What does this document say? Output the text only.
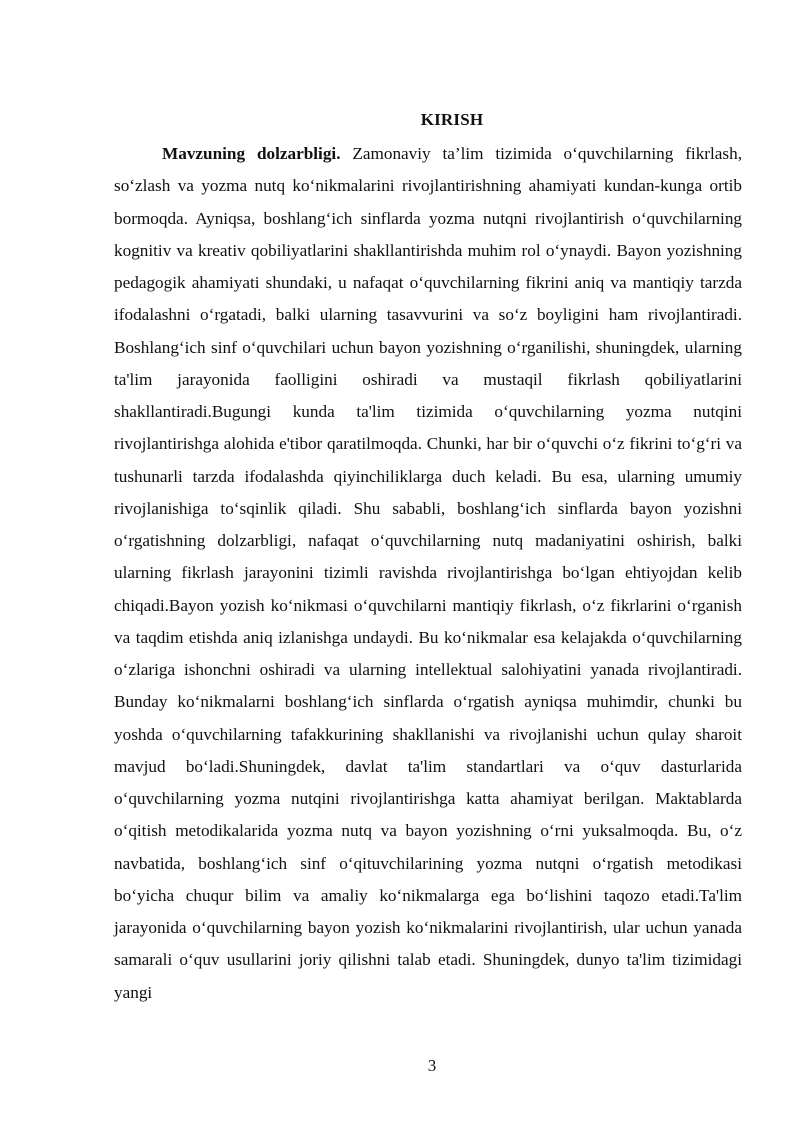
KIRISH

Mavzuning dolzarbligi. Zamonaviy ta’lim tizimida o‘quvchilarning fikrlash, so‘zlash va yozma nutq ko‘nikmalarini rivojlantirishning ahamiyati kundan-kunga ortib bormoqda. Ayniqsa, boshlang‘ich sinflarda yozma nutqni rivojlantirish o‘quvchilarning kognitiv va kreativ qobiliyatlarini shakllantirishda muhim rol o‘ynaydi. Bayon yozishning pedagogik ahamiyati shundaki, u nafaqat o‘quvchilarning fikrini aniq va mantiqiy tarzda ifodalashni o‘rgatadi, balki ularning tasavvurini va so‘z boyligini ham rivojlantiradi. Boshlang‘ich sinf o‘quvchilari uchun bayon yozishning o‘rganilishi, shuningdek, ularning ta'lim jarayonida faolligini oshiradi va mustaqil fikrlash qobiliyatlarini shakllantiradi.Bugungi kunda ta'lim tizimida o‘quvchilarning yozma nutqini rivojlantirishga alohida e'tibor qaratilmoqda. Chunki, har bir o‘quvchi o‘z fikrini to‘g‘ri va tushunarli tarzda ifodalashda qiyinchiliklarga duch keladi. Bu esa, ularning umumiy rivojlanishiga to‘sqinlik qiladi. Shu sababli, boshlang‘ich sinflarda bayon yozishni o‘rgatishning dolzarbligi, nafaqat o‘quvchilarning nutq madaniyatini oshirish, balki ularning fikrlash jarayonini tizimli ravishda rivojlantirishga bo‘lgan ehtiyojdan kelib chiqadi.Bayon yozish ko‘nikmasi o‘quvchilarni mantiqiy fikrlash, o‘z fikrlarini o‘rganish va taqdim etishda aniq izlanishga undaydi. Bu ko‘nikmalar esa kelajakda o‘quvchilarning o‘zlariga ishonchni oshiradi va ularning intellektual salohiyatini yanada rivojlantiradi. Bunday ko‘nikmalarni boshlang‘ich sinflarda o‘rgatish ayniqsa muhimdir, chunki bu yoshda o‘quvchilarning tafakkurining shakllanishi va rivojlanishi uchun qulay sharoit mavjud bo‘ladi.Shuningdek, davlat ta'lim standartlari va o‘quv dasturlarida o‘quvchilarning yozma nutqini rivojlantirishga katta ahamiyat berilgan. Maktablarda o‘qitish metodikalarida yozma nutq va bayon yozishning o‘rni yuksalmoqda. Bu, o‘z navbatida, boshlang‘ich sinf o‘qituvchilarining yozma nutqni o‘rgatish metodikasi bo‘yicha chuqur bilim va amaliy ko‘nikmalarga ega bo‘lishini taqozo etadi.Ta'lim jarayonida o‘quvchilarning bayon yozish ko‘nikmalarini rivojlantirish, ular uchun yanada samarali o‘quv usullarini joriy qilishni talab etadi. Shuningdek, dunyo ta'lim tizimidagi yangi

3
